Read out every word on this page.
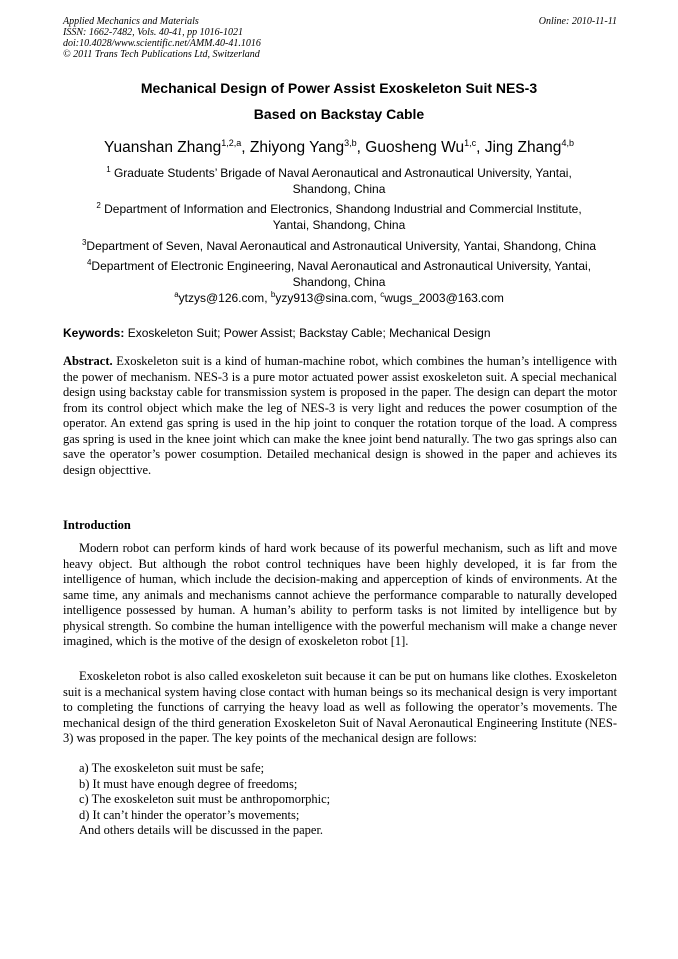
Applied Mechanics and Materials
ISSN: 1662-7482, Vols. 40-41, pp 1016-1021
doi:10.4028/www.scientific.net/AMM.40-41.1016
© 2011 Trans Tech Publications Ltd, Switzerland
Online: 2010-11-11
Mechanical Design of Power Assist Exoskeleton Suit NES-3
Based on Backstay Cable
Yuanshan Zhang$^{1,2,a}$, Zhiyong Yang$^{3,b}$, Guosheng Wu$^{1,c}$, Jing Zhang$^{4,b}$
$^1$ Graduate Students’ Brigade of Naval Aeronautical and Astronautical University, Yantai,
Shandong, China
$^2$ Department of Information and Electronics, Shandong Industrial and Commercial Institute,
Yantai, Shandong, China
$^3$Department of Seven, Naval Aeronautical and Astronautical University, Yantai, Shandong, China
$^4$Department of Electronic Engineering, Naval Aeronautical and Astronautical University, Yantai,
Shandong, China
$^a$ytzys@126.com, $^b$yzy913@sina.com, $^c$wugs_2003@163.com
Keywords: Exoskeleton Suit; Power Assist; Backstay Cable; Mechanical Design
Abstract. Exoskeleton suit is a kind of human-machine robot, which combines the human’s intelligence with the power of mechanism. NES-3 is a pure motor actuated power assist exoskeleton suit. A special mechanical design using backstay cable for transmission system is proposed in the paper. The design can depart the motor from its control object which make the leg of NES-3 is very light and reduces the power cosumption of the operator. An extend gas spring is used in the hip joint to conquer the rotation torque of the load. A compress gas spring is used in the knee joint which can make the knee joint bend naturally. The two gas springs also can save the operator’s power cosumption. Detailed mechanical design is showed in the paper and achieves its design objecttive.
Introduction
Modern robot can perform kinds of hard work because of its powerful mechanism, such as lift and move heavy object. But although the robot control techniques have been highly developed, it is far from the intelligence of human, which include the decision-making and apperception of kinds of environments. At the same time, any animals and mechanisms cannot achieve the performance comparable to naturally developed intelligence possessed by human. A human’s ability to perform tasks is not limited by intelligence but by physical strength. So combine the human intelligence with the powerful mechanism will make a change never imagined, which is the motive of the design of exoskeleton robot [1].
Exoskeleton robot is also called exoskeleton suit because it can be put on humans like clothes. Exoskeleton suit is a mechanical system having close contact with human beings so its mechanical design is very important to completing the functions of carrying the heavy load as well as following the operator’s movements. The mechanical design of the third generation Exoskeleton Suit of Naval Aeronautical Engineering Institute (NES-3) was proposed in the paper. The key points of the mechanical design are follows:
a) The exoskeleton suit must be safe;
b) It must have enough degree of freedoms;
c) The exoskeleton suit must be anthropomorphic;
d) It can’t hinder the operator’s movements;
And others details will be discussed in the paper.
